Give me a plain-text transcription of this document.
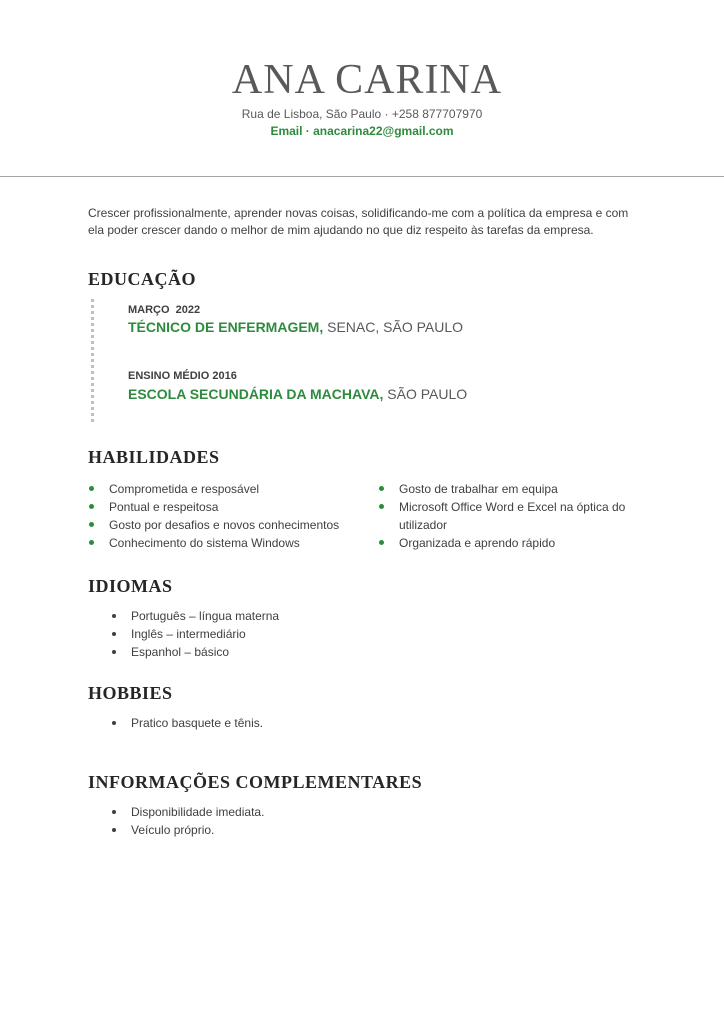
ANA CARINA
Rua de Lisboa, São Paulo · +258 877707970
Email · anacarina22@gmail.com

Crescer profissionalmente, aprender novas coisas, solidificando-me com a política da empresa e com ela poder crescer dando o melhor de mim ajudando no que diz respeito às tarefas da empresa.

EDUCAÇÃO
MARÇO  2022
TÉCNICO DE ENFERMAGEM, SENAC, SÃO PAULO
ENSINO MÉDIO 2016
ESCOLA SECUNDÁRIA DA MACHAVA, SÃO PAULO
HABILIDADES
Comprometida e resposável
Pontual e respeitosa
Gosto por desafios e novos conhecimentos
Conhecimento do sistema Windows
Gosto de trabalhar em equipa
Microsoft Office Word e Excel na óptica do utilizador
Organizada e aprendo rápido
IDIOMAS
Português – língua materna
Inglês – intermediário
Espanhol – básico
HOBBIES
Pratico basquete e tênis.
INFORMAÇÕES COMPLEMENTARES
Disponibilidade imediata.
Veículo próprio.
